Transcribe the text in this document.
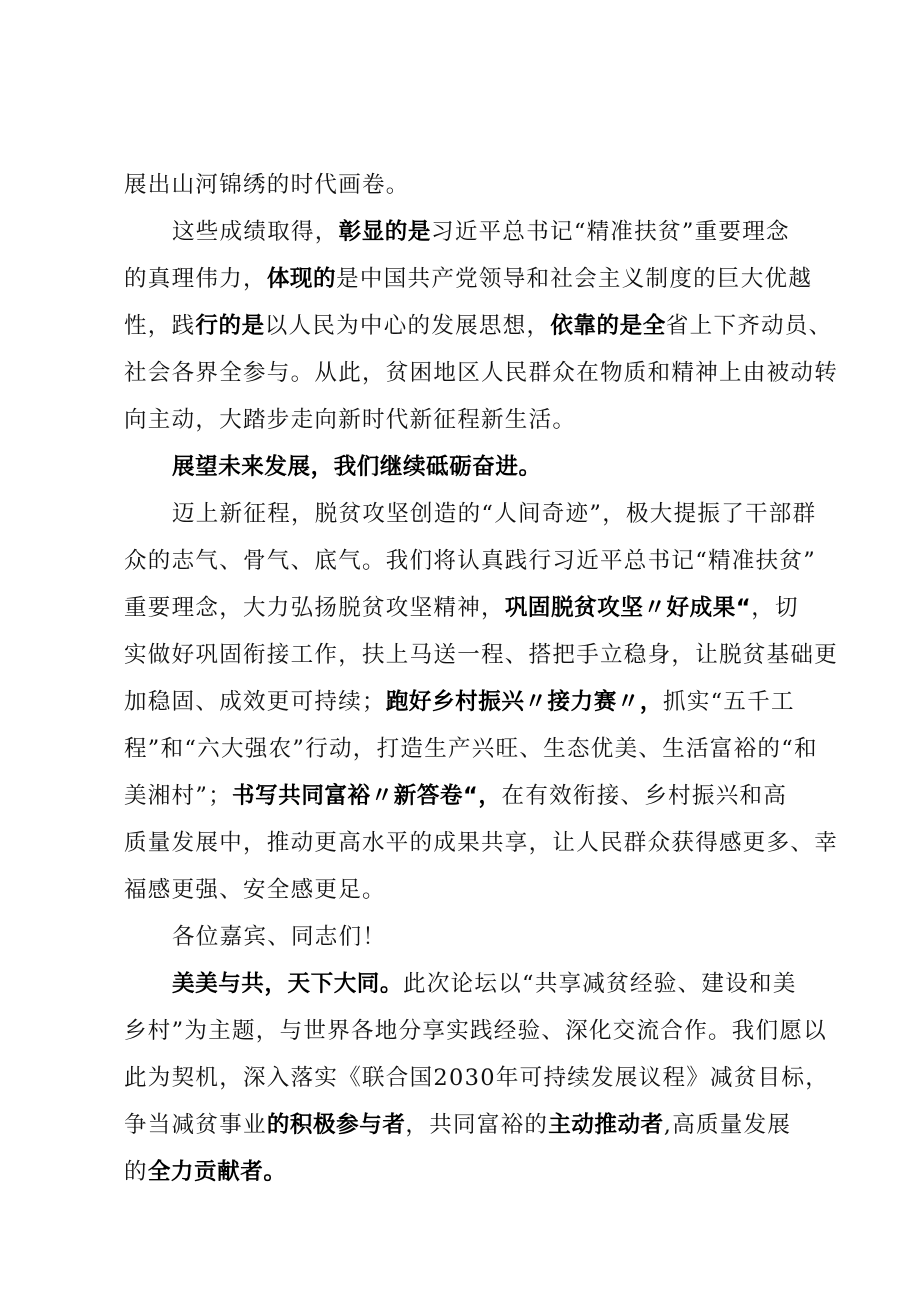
展出山河锦绣的时代画卷。
这些成绩取得，彰显的是习近平总书记“精准扶贫”重要理念
的真理伟力，体现的是中国共产党领导和社会主义制度的巨大优越
性，践行的是以人民为中心的发展思想，依靠的是全省上下齐动员、
社会各界全参与。从此，贫困地区人民群众在物质和精神上由被动转
向主动，大踏步走向新时代新征程新生活。
展望未来发展，我们继续砥砺奋进。
迈上新征程，脱贫攻坚创造的“人间奇迹”，极大提振了干部群
众的志气、骨气、底气。我们将认真践行习近平总书记“精准扶贫”
重要理念，大力弘扬脱贫攻坚精神，巩固脱贫攻坚〃好成果“，切
实做好巩固衔接工作，扶上马送一程、搭把手立稳身，让脱贫基础更
加稳固、成效更可持续；跑好乡村振兴〃接力赛〃，抓实“五千工
程”和“六大强农”行动，打造生产兴旺、生态优美、生活富裕的“和
美湘村”；书写共同富裕〃新答卷“，在有效衔接、乡村振兴和高
质量发展中，推动更高水平的成果共享，让人民群众获得感更多、幸
福感更强、安全感更足。
各位嘉宾、同志们！
美美与共，天下大同。此次论坛以“共享减贫经验、建设和美
乡村”为主题，与世界各地分享实践经验、深化交流合作。我们愿以
此为契机，深入落实《联合国2030年可持续发展议程》减贫目标，
争当减贫事业的积极参与者，共同富裕的主动推动者,高质量发展
的全力贡献者。
